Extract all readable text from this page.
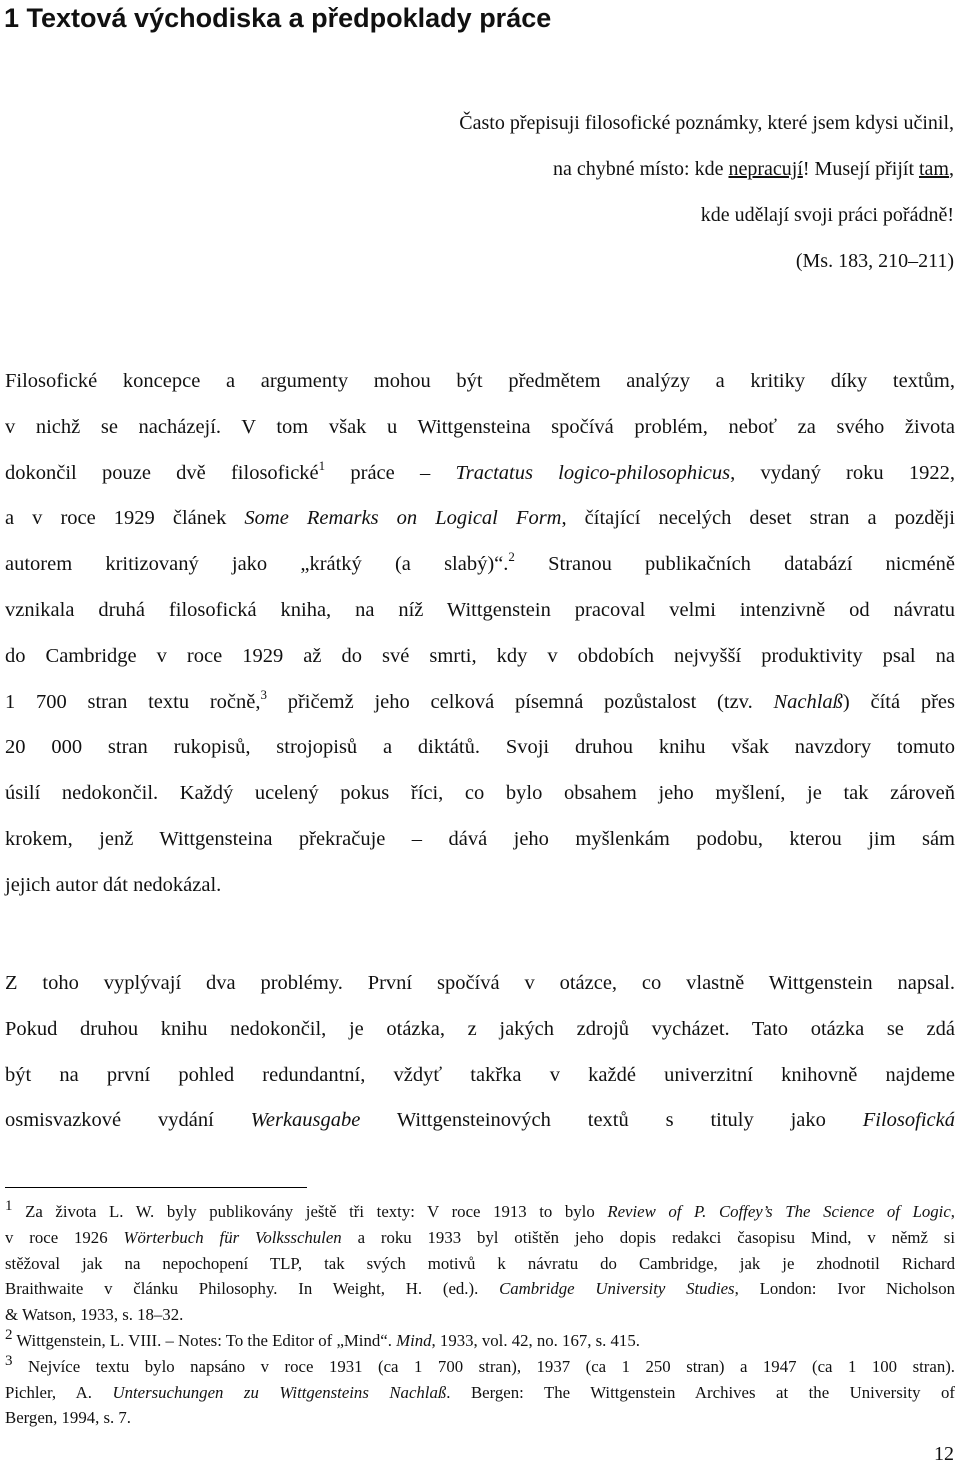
1 Textová východiska a předpoklady práce
Často přepisuji filosofické poznámky, které jsem kdysi učinil,
na chybné místo: kde nepracují! Musejí přijít tam,
kde udělají svoji práci pořádně!
(Ms. 183, 210–211)
Filosofické koncepce a argumenty mohou být předmětem analýzy a kritiky díky textům,
v nichž se nacházejí. V tom však u Wittgensteina spočívá problém, neboť za svého života
dokončil pouze dvě filosofické$^1$ práce – Tractatus logico-philosophicus, vydaný roku 1922,
a v roce 1929 článek Some Remarks on Logical Form, čítající necelých deset stran a později
autorem kritizovaný jako „krátký (a slabý)“.$^2$ Stranou publikačních databází nicméně
vznikala druhá filosofická kniha, na níž Wittgenstein pracoval velmi intenzivně od návratu
do Cambridge v roce 1929 až do své smrti, kdy v obdobích nejvyšší produktivity psal na
1 700 stran textu ročně,$^3$ přičemž jeho celková písemná pozůstalost (tzv. Nachlaß) čítá přes
20 000 stran rukopisů, strojopisů a diktátů. Svoji druhou knihu však navzdory tomuto
úsilí nedokončil. Každý ucelený pokus říci, co bylo obsahem jeho myšlení, je tak zároveň
krokem, jenž Wittgensteina překračuje – dává jeho myšlenkám podobu, kterou jim sám
jejich autor dát nedokázal.
Z toho vyplývají dva problémy. První spočívá v otázce, co vlastně Wittgenstein napsal.
Pokud druhou knihu nedokončil, je otázka, z jakých zdrojů vycházet. Tato otázka se zdá
být na první pohled redundantní, vždyť takřka v každé univerzitní knihovně najdeme
osmisvazkové vydání Werkausgabe Wittgensteinových textů s tituly jako Filosofická
$^1$ Za života L. W. byly publikovány ještě tři texty: V roce 1913 to bylo Review of P. Coffey’s The Science of Logic,
v roce 1926 Wörterbuch für Volksschulen a roku 1933 byl otištěn jeho dopis redakci časopisu Mind, v němž si
stěžoval jak na nepochopení TLP, tak svých motivů k návratu do Cambridge, jak je zhodnotil Richard
Braithwaite v článku Philosophy. In Weight, H. (ed.). Cambridge University Studies, London: Ivor Nicholson
& Watson, 1933, s. 18–32.
$^2$ Wittgenstein, L. VIII. – Notes: To the Editor of „Mind“. Mind, 1933, vol. 42, no. 167, s. 415.
$^3$ Nejvíce textu bylo napsáno v roce 1931 (ca 1 700 stran), 1937 (ca 1 250 stran) a 1947 (ca 1 100 stran).
Pichler, A. Untersuchungen zu Wittgensteins Nachlaß. Bergen: The Wittgenstein Archives at the University of
Bergen, 1994, s. 7.
12
